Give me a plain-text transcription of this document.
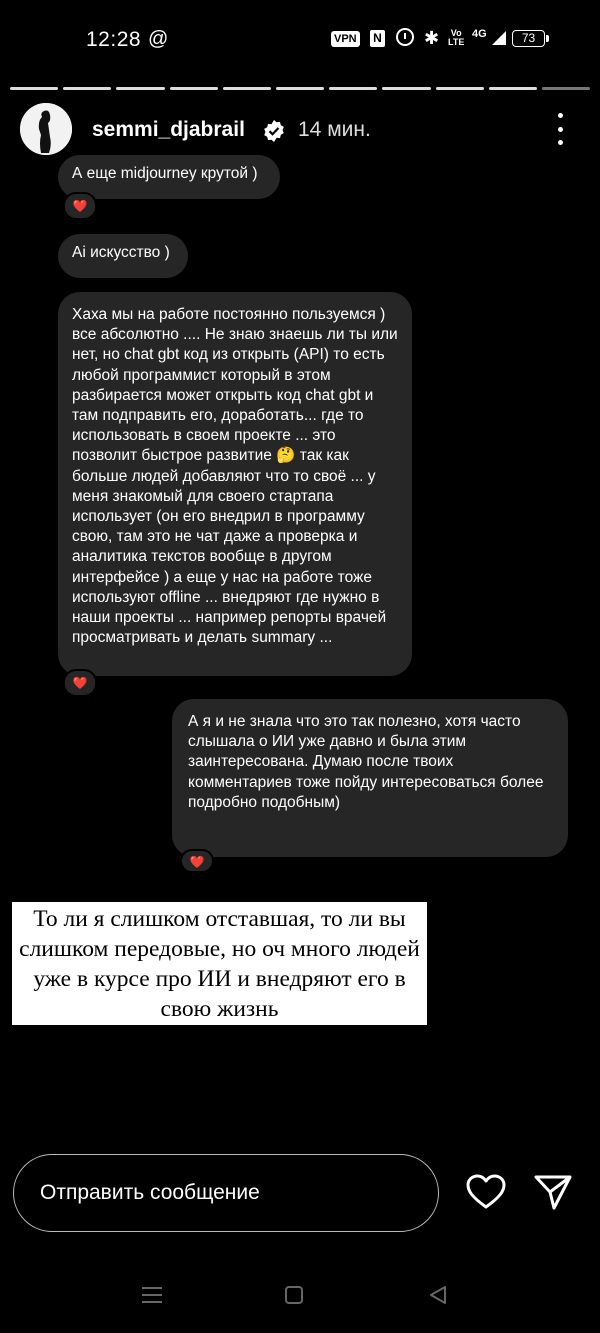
12:28 @	VPN N ✱	Vo
LTE
4G	73
semmi_djabrail	14 мин.
А еще midjourney крутой )
❤️
Ai искусство )
Хаха мы на работе постоянно пользуемся ) все абсолютно .... Не знаю знаешь ли ты или нет, но chat gbt код из открыть (API) то есть любой программист который в этом разбирается может открыть код chat gbt и там подправить его, доработать... где то использовать в своем проекте ... это позволит быстрое развитие 🤔 так как больше людей добавляют что то своё ... у меня знакомый для своего стартапа использует (он его внедрил в программу свою, там это не чат даже а проверка и аналитика текстов вообще в другом интерфейсе ) а еще у нас на работе тоже используют offline ... внедряют где нужно в наши проекты ... например репорты врачей просматривать и делать summary ...
❤️
А я и не знала что это так полезно, хотя часто слышала о ИИ уже давно и была этим заинтересована. Думаю после твоих комментариев тоже пойду интересоваться более подробно подобным)
❤️
То ли я слишком отставшая, то ли вы слишком передовые, но оч много людей уже в курсе про ИИ и внедряют его в свою жизнь
Отправить сообщение
